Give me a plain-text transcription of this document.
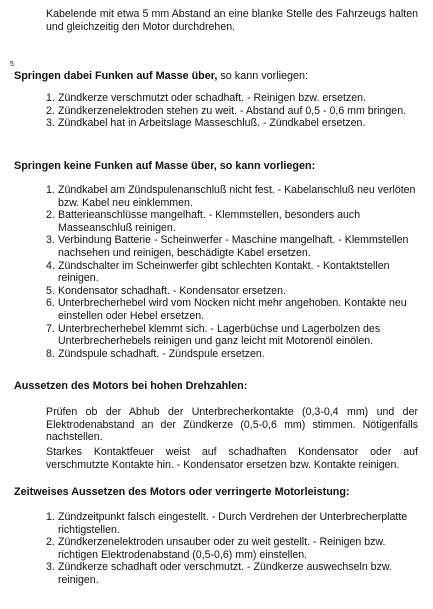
Kabelende mit etwa 5 mm Abstand an eine blanke Stelle des Fahrzeugs halten und gleichzeitig den Motor durchdrehen.

5
Springen dabei Funken auf Masse über, so kann vorliegen:
1. Zündkerze verschmutzt oder schadhaft. - Reinigen bzw. ersetzen.
2. Zündkerzenelektroden stehen zu weit. - Abstand auf 0,5 - 0,6 mm bringen.
3. Zündkabel hat in Arbeitslage Masseschluß. - Zündkabel ersetzen.
Springen keine Funken auf Masse über, so kann vorliegen:
1. Zündkabel am Zündspulenanschluß nicht fest. - Kabelanschluß neu verlöten bzw. Kabel neu einklemmen.
2. Batterieanschlüsse mangelhaft. - Klemmstellen, besonders auch Masseanschluß reinigen.
3. Verbindung Batterie - Scheinwerfer - Maschine mangelhaft. - Klemmstellen nachsehen und reinigen, beschädigte Kabel ersetzen.
4. Zündschalter im Scheinwerfer gibt schlechten Kontakt. - Kontaktstellen reinigen.
5. Kondensator schadhaft. - Kondensator ersetzen.
6. Unterbrecherhebel wird vom Nocken nicht mehr angehoben. Kontakte neu einstellen oder Hebel ersetzen.
7. Unterbrecherhebel klemmt sich. - Lagerbüchse und Lagerbolzen des Unterbrecherhebels reinigen und ganz leicht mit Motorenöl einölen.
8. Zündspule schadhaft. - Zündspule ersetzen.
Aussetzen des Motors bei hohen Drehzahlen:

Prüfen ob der Abhub der Unterbrecherkontakte (0,3-0,4 mm) und der Elektrodenabstand an der Zündkerze (0,5-0,6 mm) stimmen. Nötigenfalls nachstellen.

Starkes Kontaktfeuer weist auf schadhaften Kondensator oder auf verschmutzte Kontakte hin. - Kondensator ersetzen bzw. Kontakte reinigen.

Zeitweises Aussetzen des Motors oder verringerte Motorleistung:
1. Zündzeitpunkt falsch eingestellt. - Durch Verdrehen der Unterbrecherplatte richtigstellen.
2. Zündkerzenelektroden unsauber oder zu weit gestellt. - Reinigen bzw. richtigen Elektrodenabstand (0,5-0,6) mm) einstellen.
3. Zündkerze schadhaft oder verschmutzt. - Zündkerze auswechseln bzw. reinigen.
